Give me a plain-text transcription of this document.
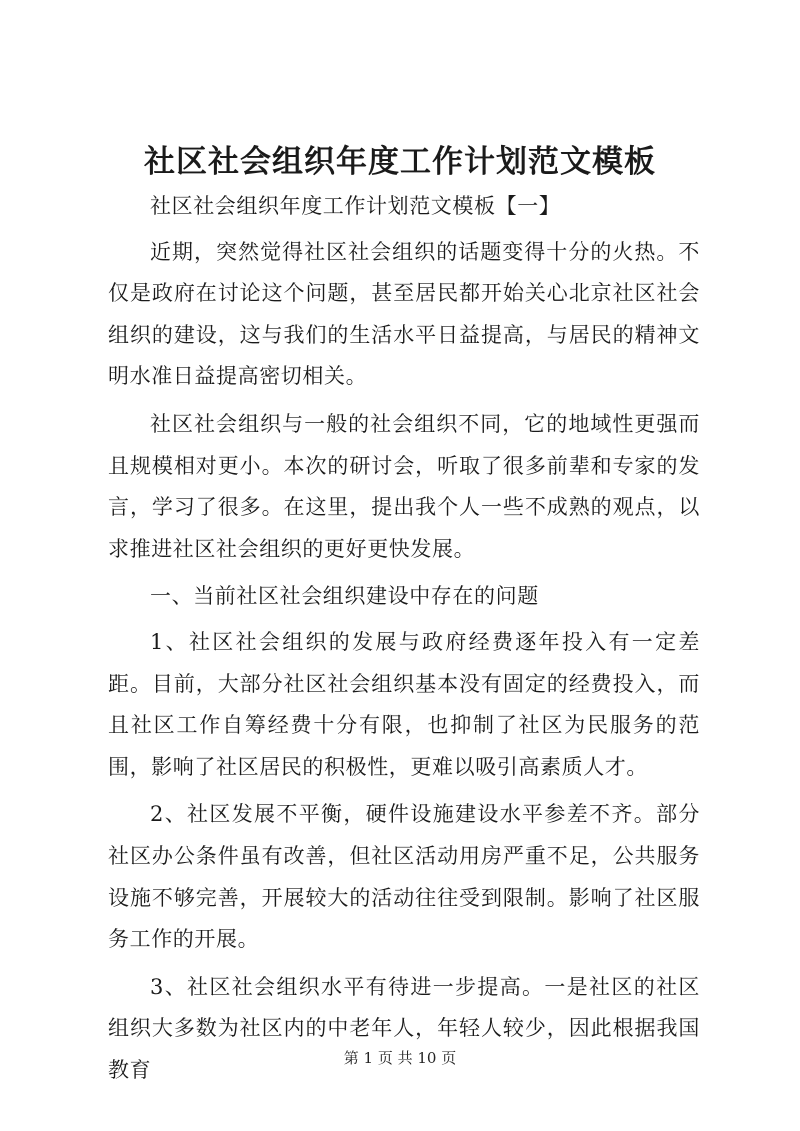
社区社会组织年度工作计划范文模板

社区社会组织年度工作计划范文模板【一】

近期，突然觉得社区社会组织的话题变得十分的火热。不仅是政府在讨论这个问题，甚至居民都开始关心北京社区社会组织的建设，这与我们的生活水平日益提高，与居民的精神文明水准日益提高密切相关。

社区社会组织与一般的社会组织不同，它的地域性更强而且规模相对更小。本次的研讨会，听取了很多前辈和专家的发言，学习了很多。在这里，提出我个人一些不成熟的观点，以求推进社区社会组织的更好更快发展。

一、当前社区社会组织建设中存在的问题

1、社区社会组织的发展与政府经费逐年投入有一定差距。目前，大部分社区社会组织基本没有固定的经费投入，而且社区工作自筹经费十分有限，也抑制了社区为民服务的范围，影响了社区居民的积极性，更难以吸引高素质人才。

2、社区发展不平衡，硬件设施建设水平参差不齐。部分社区办公条件虽有改善，但社区活动用房严重不足，公共服务设施不够完善，开展较大的活动往往受到限制。影响了社区服务工作的开展。

3、社区社会组织水平有待进一步提高。一是社区的社区组织大多数为社区内的中老年人，年轻人较少，因此根据我国教育	第 1 页 共 10 页
